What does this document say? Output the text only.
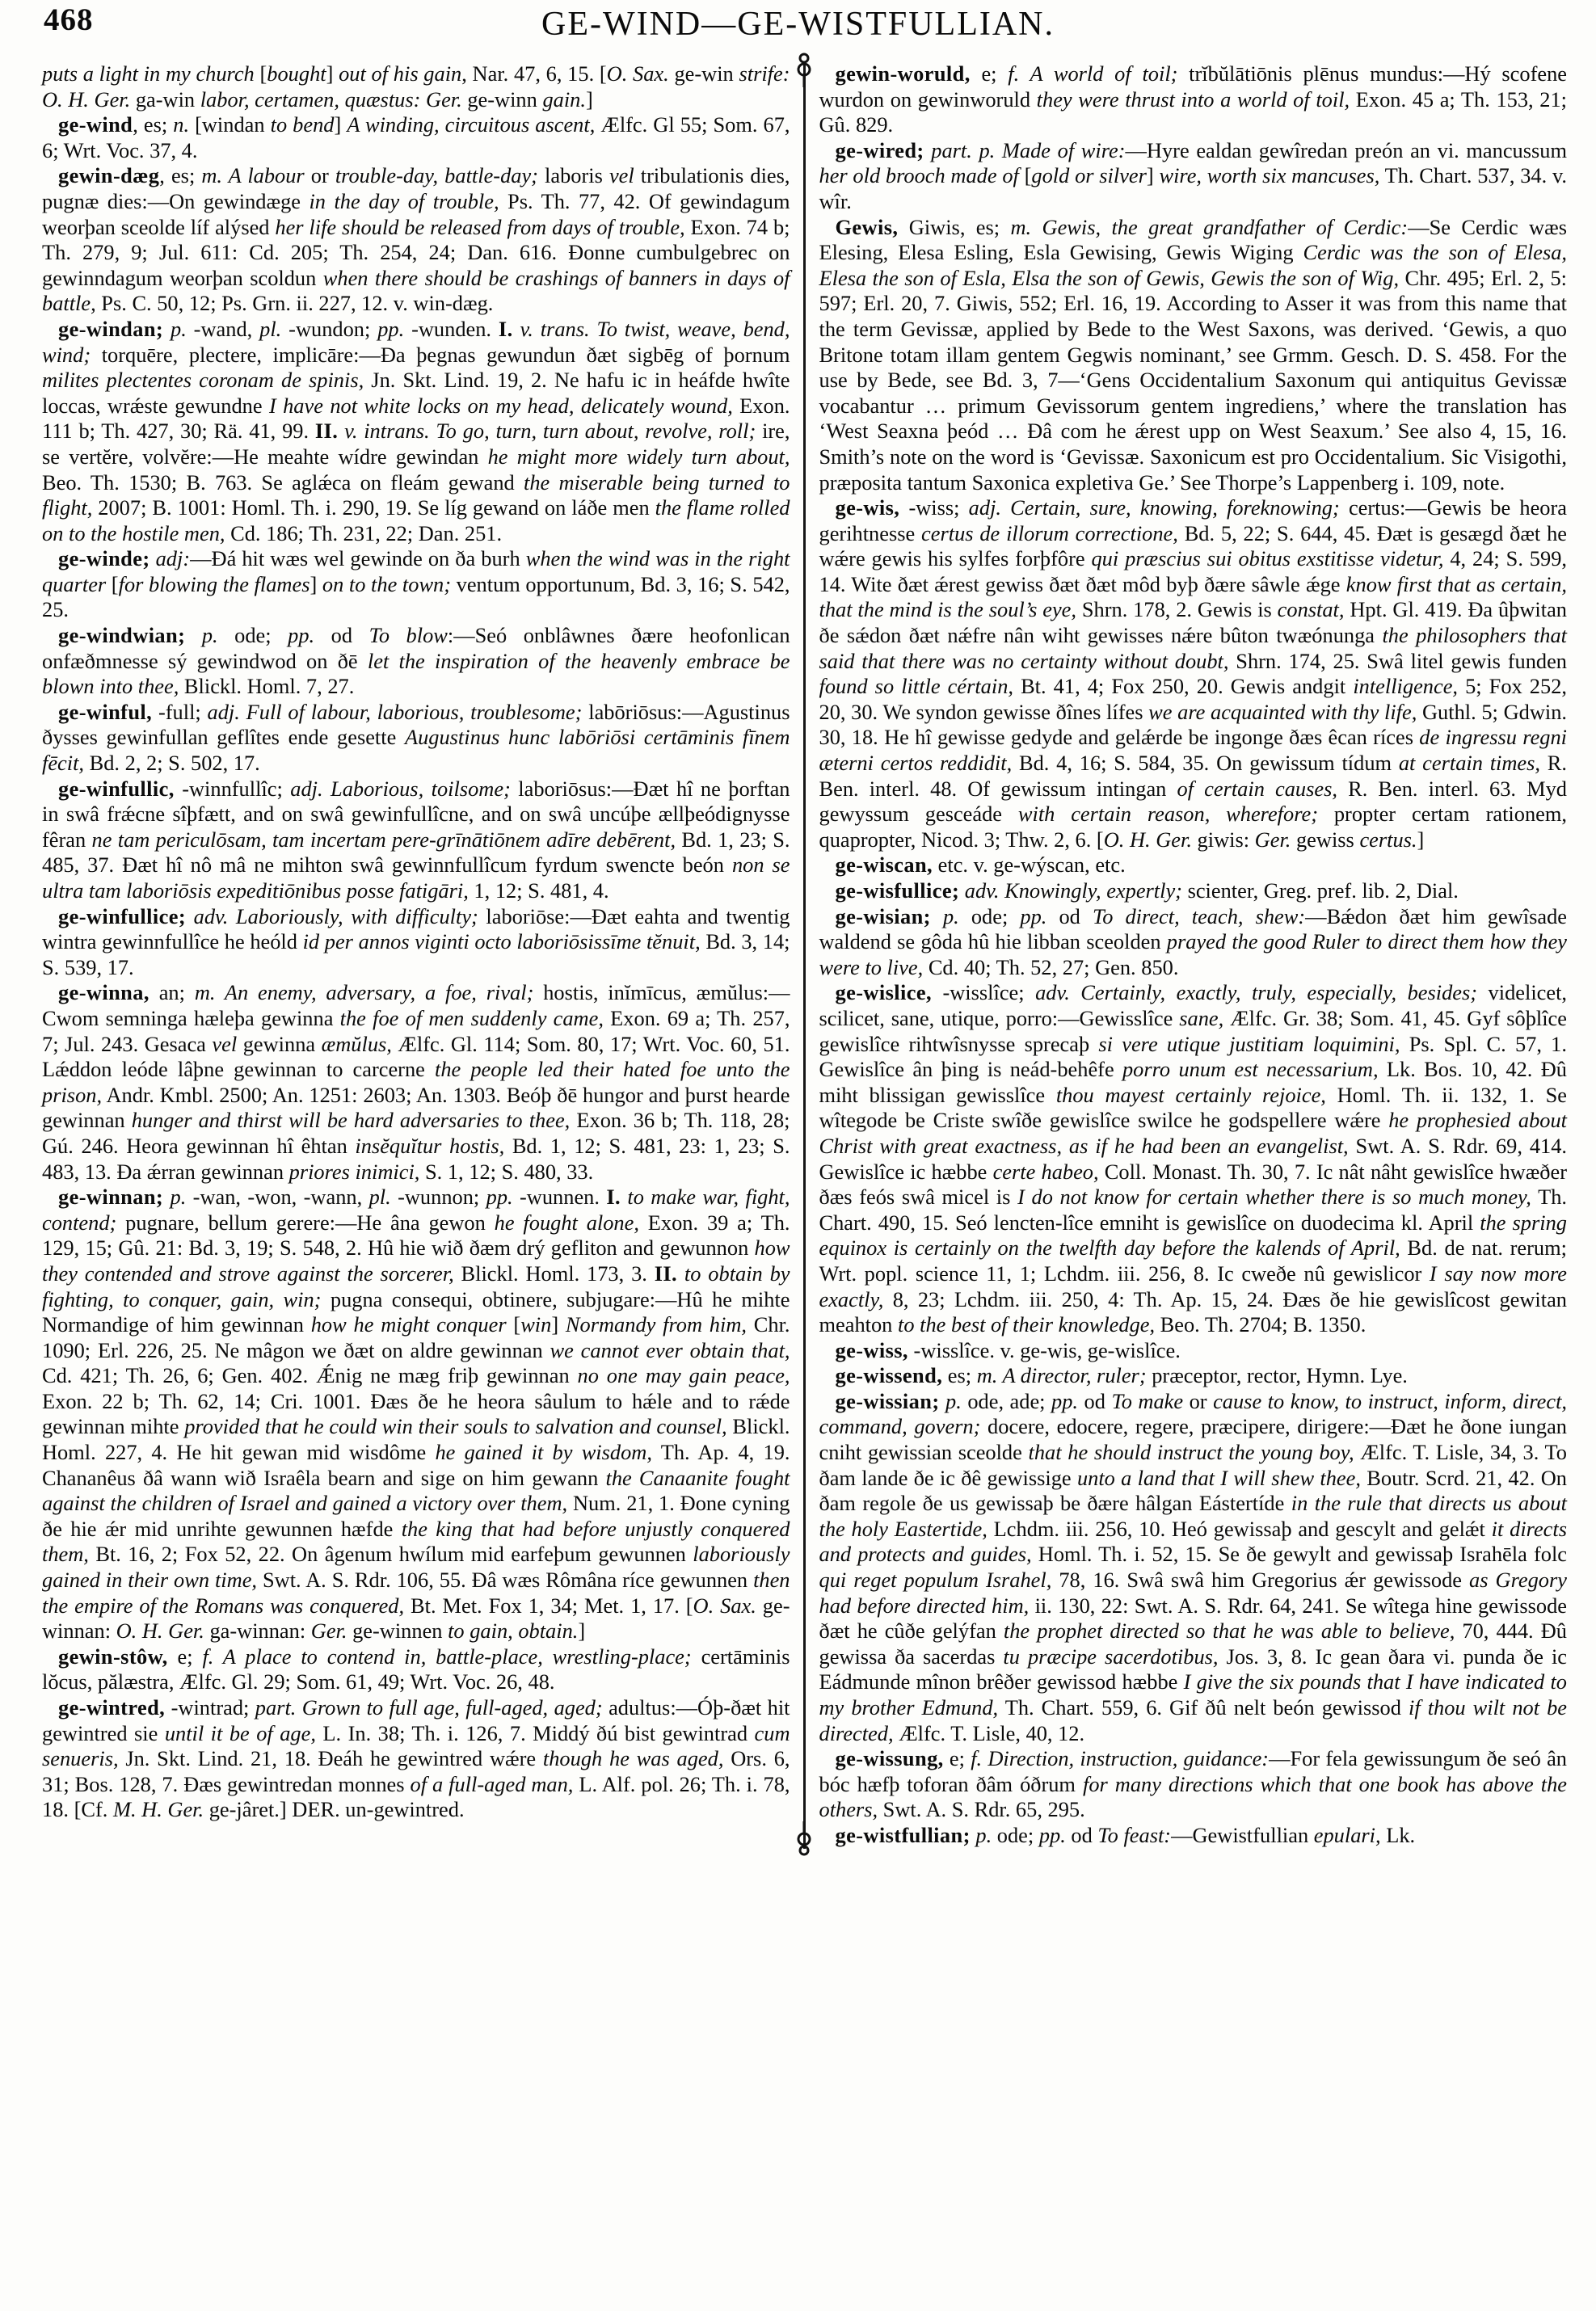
468	GE-WIND—GE-WISTFULLIAN.

puts a light in my church [bought] out of his gain, Nar. 47, 6, 15. [O. Sax. ge-win strife: O. H. Ger. ga-win labor, certamen, quæstus: Ger. ge-winn gain.]

ge-wind, es; n. [windan to bend] A winding, circuitous ascent, Ælfc. Gl 55; Som. 67, 6; Wrt. Voc. 37, 4.

gewin-dæg, es; m. A labour or trouble-day, battle-day; laboris vel tribulationis dies, pugnæ dies:—On gewindæge in the day of trouble, Ps. Th. 77, 42. Of gewindagum weorþan sceolde líf alýsed her life should be released from days of trouble, Exon. 74 b; Th. 279, 9; Jul. 611: Cd. 205; Th. 254, 24; Dan. 616. Ðonne cumbulgebrec on gewinndagum weorþan scoldun when there should be crashings of banners in days of battle, Ps. C. 50, 12; Ps. Grn. ii. 227, 12. v. win-dæg.

ge-windan; p. -wand, pl. -wundon; pp. -wunden. I. v. trans. To twist, weave, bend, wind; torquēre, plectere, implicāre:—Ða þegnas gewundun ðæt sigbēg of þornum milites plectentes coronam de spinis, Jn. Skt. Lind. 19, 2. Ne hafu ic in heáfde hwîte loccas, wrǽste gewundne I have not white locks on my head, delicately wound, Exon. 111 b; Th. 427, 30; Rä. 41, 99. II. v. intrans. To go, turn, turn about, revolve, roll; ire, se vertĕre, volvĕre:—He meahte wídre gewindan he might more widely turn about, Beo. Th. 1530; B. 763. Se aglǽca on fleám gewand the miserable being turned to flight, 2007; B. 1001: Homl. Th. i. 290, 19. Se líg gewand on láðe men the flame rolled on to the hostile men, Cd. 186; Th. 231, 22; Dan. 251.

ge-winde; adj:—Ðá hit wæs wel gewinde on ða burh when the wind was in the right quarter [for blowing the flames] on to the town; ventum opportunum, Bd. 3, 16; S. 542, 25.

ge-windwian; p. ode; pp. od To blow:—Seó onblâwnes ðære heofonlican onfæðmnesse sý gewindwod on ðē let the inspiration of the heavenly embrace be blown into thee, Blickl. Homl. 7, 27.

ge-winful, -full; adj. Full of labour, laborious, troublesome; labōriōsus:—Agustinus ðysses gewinfullan geflîtes ende gesette Augustinus hunc labōriōsi certāminis fīnem fēcit, Bd. 2, 2; S. 502, 17.

ge-winfullic, -winnfullîc; adj. Laborious, toilsome; laboriōsus:—Ðæt hî ne þorftan in swâ frǽcne sîþfætt, and on swâ gewinfullîcne, and on swâ uncúþe ællþeódignysse fêran ne tam periculōsam, tam incertam pere-grīnātiōnem adīre debērent, Bd. 1, 23; S. 485, 37. Ðæt hî nô mâ ne mihton swâ gewinnfullîcum fyrdum swencte beón non se ultra tam laboriōsis expeditiōnibus posse fatigāri, 1, 12; S. 481, 4.

ge-winfullice; adv. Laboriously, with difficulty; laboriōse:—Ðæt eahta and twentig wintra gewinnfullîce he heóld id per annos viginti octo laboriōsissīme tĕnuit, Bd. 3, 14; S. 539, 17.

ge-winna, an; m. An enemy, adversary, a foe, rival; hostis, inĭmīcus, æmŭlus:—Cwom semninga hæleþa gewinna the foe of men suddenly came, Exon. 69 a; Th. 257, 7; Jul. 243. Gesaca vel gewinna æmŭlus, Ælfc. Gl. 114; Som. 80, 17; Wrt. Voc. 60, 51. Lǽddon leóde lâþne gewinnan to carcerne the people led their hated foe unto the prison, Andr. Kmbl. 2500; An. 1251: 2603; An. 1303. Beóþ ðē hungor and þurst hearde gewinnan hunger and thirst will be hard adversaries to thee, Exon. 36 b; Th. 118, 28; Gú. 246. Heora gewinnan hî êhtan insĕquĭtur hostis, Bd. 1, 12; S. 481, 23: 1, 23; S. 483, 13. Ða ǽrran gewinnan priores inimici, S. 1, 12; S. 480, 33.

ge-winnan; p. -wan, -won, -wann, pl. -wunnon; pp. -wunnen. I. to make war, fight, contend; pugnare, bellum gerere:—He âna gewon he fought alone, Exon. 39 a; Th. 129, 15; Gû. 21: Bd. 3, 19; S. 548, 2. Hû hie wið ðæm drý gefliton and gewunnon how they contended and strove against the sorcerer, Blickl. Homl. 173, 3. II. to obtain by fighting, to conquer, gain, win; pugna consequi, obtinere, subjugare:—Hû he mihte Normandige of him gewinnan how he might conquer [win] Normandy from him, Chr. 1090; Erl. 226, 25. Ne mâgon we ðæt on aldre gewinnan we cannot ever obtain that, Cd. 421; Th. 26, 6; Gen. 402. Ǽnig ne mæg friþ gewinnan no one may gain peace, Exon. 22 b; Th. 62, 14; Cri. 1001. Ðæs ðe he heora sâulum to hǽle and to rǽde gewinnan mihte provided that he could win their souls to salvation and counsel, Blickl. Homl. 227, 4. He hit gewan mid wisdôme he gained it by wisdom, Th. Ap. 4, 19. Chananêus ðâ wann wið Israêla bearn and sige on him gewann the Canaanite fought against the children of Israel and gained a victory over them, Num. 21, 1. Ðone cyning ðe hie ǽr mid unrihte gewunnen hæfde the king that had before unjustly conquered them, Bt. 16, 2; Fox 52, 22. On âgenum hwílum mid earfeþum gewunnen laboriously gained in their own time, Swt. A. S. Rdr. 106, 55. Ðâ wæs Rômâna ríce gewunnen then the empire of the Romans was conquered, Bt. Met. Fox 1, 34; Met. 1, 17. [O. Sax. ge-winnan: O. H. Ger. ga-winnan: Ger. ge-winnen to gain, obtain.]

gewin-stôw, e; f. A place to contend in, battle-place, wrestling-place; certāminis lŏcus, pălæstra, Ælfc. Gl. 29; Som. 61, 49; Wrt. Voc. 26, 48.

ge-wintred, -wintrad; part. Grown to full age, full-aged, aged; adultus:—Óþ-ðæt hit gewintred sie until it be of age, L. In. 38; Th. i. 126, 7. Middý ðú bist gewintrad cum senueris, Jn. Skt. Lind. 21, 18. Ðeáh he gewintred wǽre though he was aged, Ors. 6, 31; Bos. 128, 7. Ðæs gewintredan monnes of a full-aged man, L. Alf. pol. 26; Th. i. 78, 18. [Cf. M. H. Ger. ge-jâret.] DER. un-gewintred.

gewin-woruld, e; f. A world of toil; trĭbŭlātiōnis plēnus mundus:—Hý scofene wurdon on gewinworuld they were thrust into a world of toil, Exon. 45 a; Th. 153, 21; Gû. 829.

ge-wired; part. p. Made of wire:—Hyre ealdan gewîredan preón an vi. mancussum her old brooch made of [gold or silver] wire, worth six mancuses, Th. Chart. 537, 34. v. wîr.

Gewis, Giwis, es; m. Gewis, the great grandfather of Cerdic:—Se Cerdic wæs Elesing, Elesa Esling, Esla Gewising, Gewis Wiging Cerdic was the son of Elesa, Elesa the son of Esla, Elsa the son of Gewis, Gewis the son of Wig, Chr. 495; Erl. 2, 5: 597; Erl. 20, 7. Giwis, 552; Erl. 16, 19. According to Asser it was from this name that the term Gevissæ, applied by Bede to the West Saxons, was derived. ‘Gewis, a quo Britone totam illam gentem Gegwis nominant,’ see Grmm. Gesch. D. S. 458. For the use by Bede, see Bd. 3, 7—‘Gens Occidentalium Saxonum qui antiquitus Gevissæ vocabantur … primum Gevissorum gentem ingrediens,’ where the translation has ‘West Seaxna þeód … Ðâ com he ǽrest upp on West Seaxum.’ See also 4, 15, 16. Smith’s note on the word is ‘Gevissæ. Saxonicum est pro Occidentalium. Sic Visigothi, præposita tantum Saxonica expletiva Ge.’ See Thorpe’s Lappenberg i. 109, note.

ge-wis, -wiss; adj. Certain, sure, knowing, foreknowing; certus:—Gewis be heora gerihtnesse certus de illorum correctione, Bd. 5, 22; S. 644, 45. Ðæt is gesægd ðæt he wǽre gewis his sylfes forþfôre qui præscius sui obitus exstitisse videtur, 4, 24; S. 599, 14. Wite ðæt ǽrest gewiss ðæt ðæt môd byþ ðære sâwle ǽge know first that as certain, that the mind is the soul’s eye, Shrn. 178, 2. Gewis is constat, Hpt. Gl. 419. Ða ûþwitan ðe sǽdon ðæt nǽfre nân wiht gewisses nǽre bûton twæónunga the philosophers that said that there was no certainty without doubt, Shrn. 174, 25. Swâ litel gewis funden found so little cértain, Bt. 41, 4; Fox 250, 20. Gewis andgit intelligence, 5; Fox 252, 20, 30. We syndon gewisse ðînes lífes we are acquainted with thy life, Guthl. 5; Gdwin. 30, 18. He hî gewisse gedyde and gelǽrde be ingonge ðæs êcan ríces de ingressu regni æterni certos reddidit, Bd. 4, 16; S. 584, 35. On gewissum tídum at certain times, R. Ben. interl. 48. Of gewissum intingan of certain causes, R. Ben. interl. 63. Myd gewyssum gesceáde with certain reason, wherefore; propter certam rationem, quapropter, Nicod. 3; Thw. 2, 6. [O. H. Ger. giwis: Ger. gewiss certus.]

ge-wiscan, etc. v. ge-wýscan, etc.

ge-wisfullice; adv. Knowingly, expertly; scienter, Greg. pref. lib. 2, Dial.

ge-wisian; p. ode; pp. od To direct, teach, shew:—Bǽdon ðæt him gewîsade waldend se gôda hû hie libban sceolden prayed the good Ruler to direct them how they were to live, Cd. 40; Th. 52, 27; Gen. 850.

ge-wislice, -wisslîce; adv. Certainly, exactly, truly, especially, besides; videlicet, scilicet, sane, utique, porro:—Gewisslîce sane, Ælfc. Gr. 38; Som. 41, 45. Gyf sôþlîce gewislîce rihtwîsnysse sprecaþ si vere utique justitiam loquimini, Ps. Spl. C. 57, 1. Gewislîce ân þing is neád-behêfe porro unum est necessarium, Lk. Bos. 10, 42. Ðû miht blissigan gewisslîce thou mayest certainly rejoice, Homl. Th. ii. 132, 1. Se wîtegode be Criste swîðe gewislîce swilce he godspellere wǽre he prophesied about Christ with great exactness, as if he had been an evangelist, Swt. A. S. Rdr. 69, 414. Gewislîce ic hæbbe certe habeo, Coll. Monast. Th. 30, 7. Ic nât nâht gewislîce hwæðer ðæs feós swâ micel is I do not know for certain whether there is so much money, Th. Chart. 490, 15. Seó lencten-lîce emniht is gewislîce on duodecima kl. April the spring equinox is certainly on the twelfth day before the kalends of April, Bd. de nat. rerum; Wrt. popl. science 11, 1; Lchdm. iii. 256, 8. Ic cweðe nû gewislicor I say now more exactly, 8, 23; Lchdm. iii. 250, 4: Th. Ap. 15, 24. Ðæs ðe hie gewislîcost gewitan meahton to the best of their knowledge, Beo. Th. 2704; B. 1350.

ge-wiss, -wisslîce. v. ge-wis, ge-wislîce.

ge-wissend, es; m. A director, ruler; præceptor, rector, Hymn. Lye.

ge-wissian; p. ode, ade; pp. od To make or cause to know, to instruct, inform, direct, command, govern; docere, edocere, regere, præcipere, dirigere:—Ðæt he ðone iungan cniht gewissian sceolde that he should instruct the young boy, Ælfc. T. Lisle, 34, 3. To ðam lande ðe ic ðê gewissige unto a land that I will shew thee, Boutr. Scrd. 21, 42. On ðam regole ðe us gewissaþ be ðære hâlgan Eástertíde in the rule that directs us about the holy Eastertide, Lchdm. iii. 256, 10. Heó gewissaþ and gescylt and gelǽt it directs and protects and guides, Homl. Th. i. 52, 15. Se ðe gewylt and gewissaþ Israhēla folc qui reget populum Israhel, 78, 16. Swâ swâ him Gregorius ǽr gewissode as Gregory had before directed him, ii. 130, 22: Swt. A. S. Rdr. 64, 241. Se wîtega hine gewissode ðæt he cûðe gelýfan the prophet directed so that he was able to believe, 70, 444. Ðû gewissa ða sacerdas tu præcipe sacerdotibus, Jos. 3, 8. Ic gean ðara vi. punda ðe ic Eádmunde mînon brêðer gewissod hæbbe I give the six pounds that I have indicated to my brother Edmund, Th. Chart. 559, 6. Gif ðû nelt beón gewissod if thou wilt not be directed, Ælfc. T. Lisle, 40, 12.

ge-wissung, e; f. Direction, instruction, guidance:—For fela gewissungum ðe seó ân bóc hæfþ toforan ðâm óðrum for many directions which that one book has above the others, Swt. A. S. Rdr. 65, 295.

ge-wistfullian; p. ode; pp. od To feast:—Gewistfullian epulari, Lk.
